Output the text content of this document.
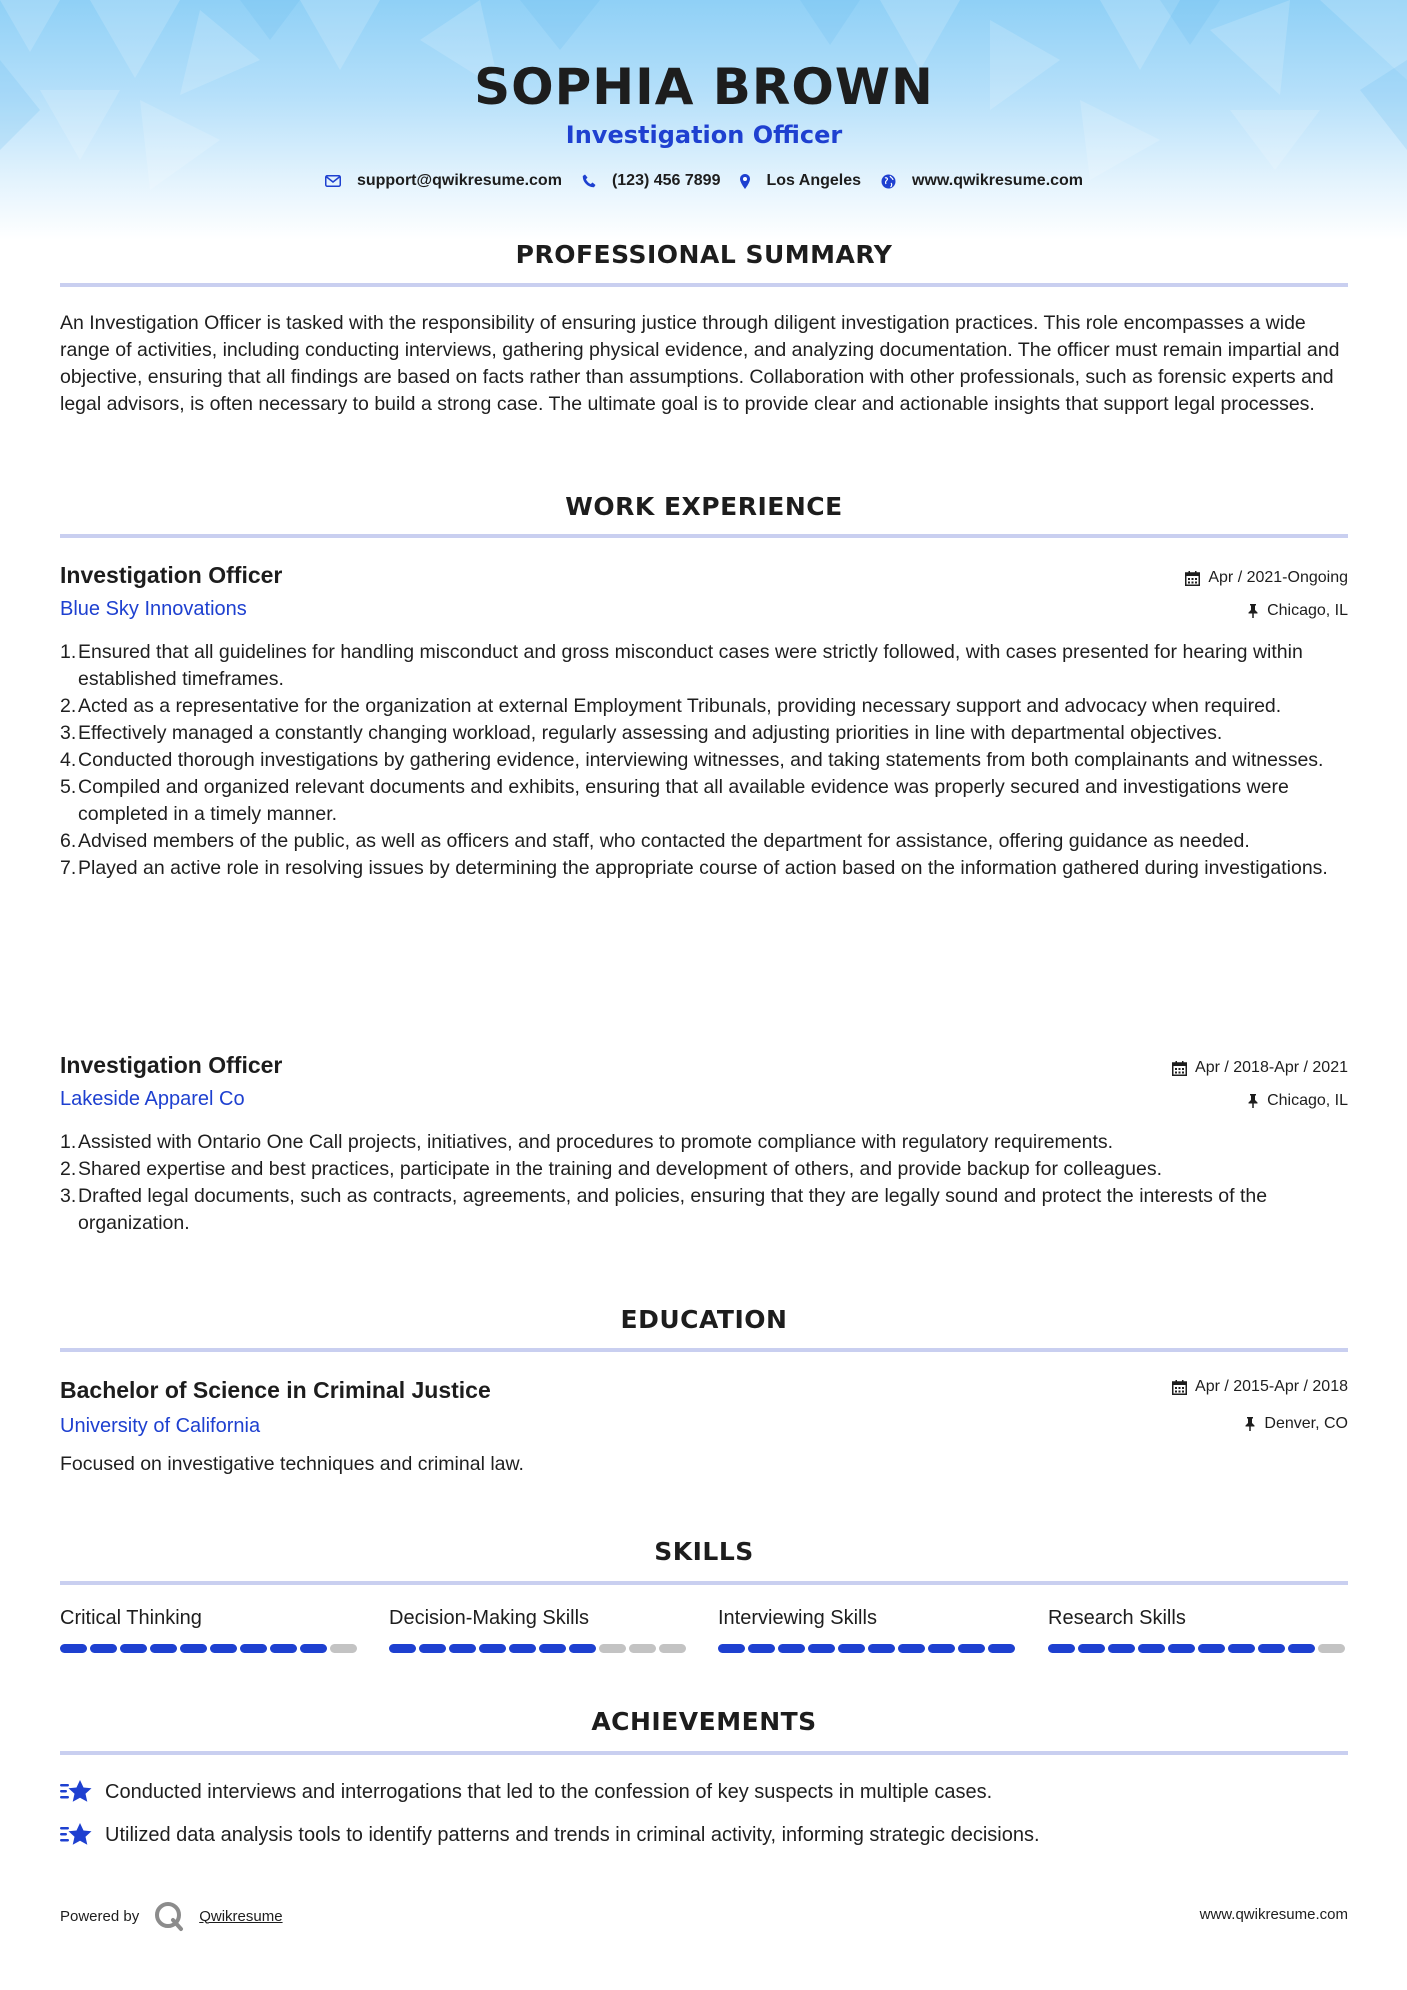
SOPHIA BROWN
Investigation Officer
support@qwikresume.com	(123) 456 7899	Los Angeles	www.qwikresume.com
PROFESSIONAL SUMMARY
An Investigation Officer is tasked with the responsibility of ensuring justice through diligent investigation practices. This role encompasses a wide range of activities, including conducting interviews, gathering physical evidence, and analyzing documentation. The officer must remain impartial and objective, ensuring that all findings are based on facts rather than assumptions. Collaboration with other professionals, such as forensic experts and legal advisors, is often necessary to build a strong case. The ultimate goal is to provide clear and actionable insights that support legal processes.
WORK EXPERIENCE
Investigation Officer	Apr / 2021-Ongoing
Blue Sky Innovations	Chicago, IL
1. Ensured that all guidelines for handling misconduct and gross misconduct cases were strictly followed, with cases presented for hearing within established timeframes.
2. Acted as a representative for the organization at external Employment Tribunals, providing necessary support and advocacy when required.
3. Effectively managed a constantly changing workload, regularly assessing and adjusting priorities in line with departmental objectives.
4. Conducted thorough investigations by gathering evidence, interviewing witnesses, and taking statements from both complainants and witnesses.
5. Compiled and organized relevant documents and exhibits, ensuring that all available evidence was properly secured and investigations were completed in a timely manner.
6. Advised members of the public, as well as officers and staff, who contacted the department for assistance, offering guidance as needed.
7. Played an active role in resolving issues by determining the appropriate course of action based on the information gathered during investigations.
Investigation Officer	Apr / 2018-Apr / 2021
Lakeside Apparel Co	Chicago, IL
1. Assisted with Ontario One Call projects, initiatives, and procedures to promote compliance with regulatory requirements.
2. Shared expertise and best practices, participate in the training and development of others, and provide backup for colleagues.
3. Drafted legal documents, such as contracts, agreements, and policies, ensuring that they are legally sound and protect the interests of the organization.
EDUCATION
Bachelor of Science in Criminal Justice	Apr / 2015-Apr / 2018
University of California	Denver, CO
Focused on investigative techniques and criminal law.
SKILLS
Critical Thinking	Decision-Making Skills	Interviewing Skills	Research Skills
ACHIEVEMENTS
Conducted interviews and interrogations that led to the confession of key suspects in multiple cases.
Utilized data analysis tools to identify patterns and trends in criminal activity, informing strategic decisions.
Powered by	Qwikresume	www.qwikresume.com
